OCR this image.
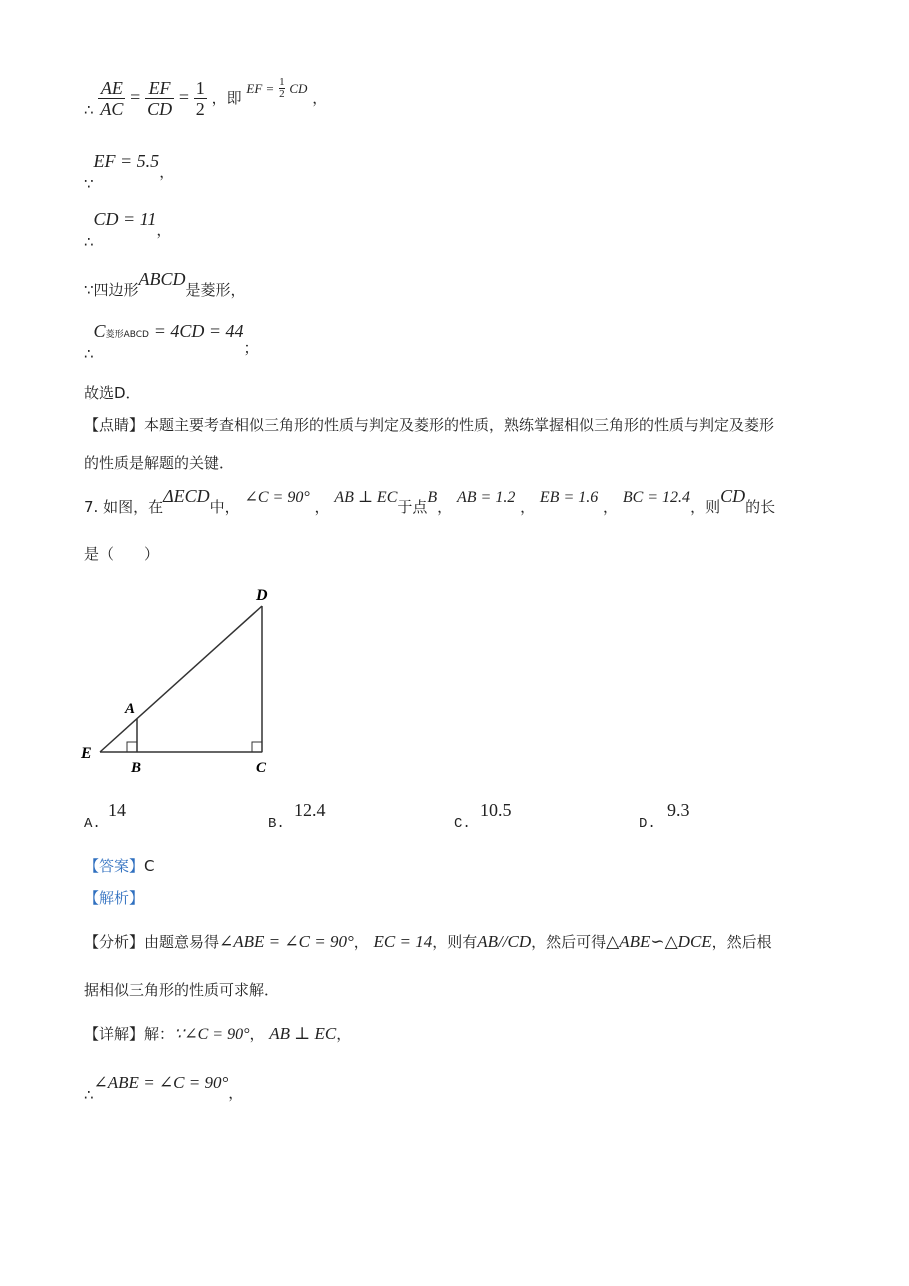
∴ $\frac{AE}{AC} = \frac{EF}{CD} = \frac{1}{2}$ ，即 EF = $\frac{1}{2}$ CD ，
∵EF = 5.5，
∴CD = 11，
∵四边形ABCD是菱形，
∴C菱形ABCD = 4CD = 44；
故选D．
【点睛】本题主要考查相似三角形的性质与判定及菱形的性质，熟练掌握相似三角形的性质与判定及菱形
的性质是解题的关键．
7. 如图，在ΔECD中， ∠C = 90° ， AB ⊥ EC于点B， AB = 1.2 ， EB = 1.6 ， BC = 12.4，则CD的长
是（　　）
D
A
E
B	C
A.
14
B.
12.4
C.
10.5
D.
9.3
【答案】C
【解析】
【分析】由题意易得∠ABE = ∠C = 90°， EC = 14，则有AB//CD，然后可得△ABE∽△DCE，然后根
据相似三角形的性质可求解．
【详解】解：∵∠C = 90°， AB ⊥ EC，
∴∠ABE = ∠C = 90°，
